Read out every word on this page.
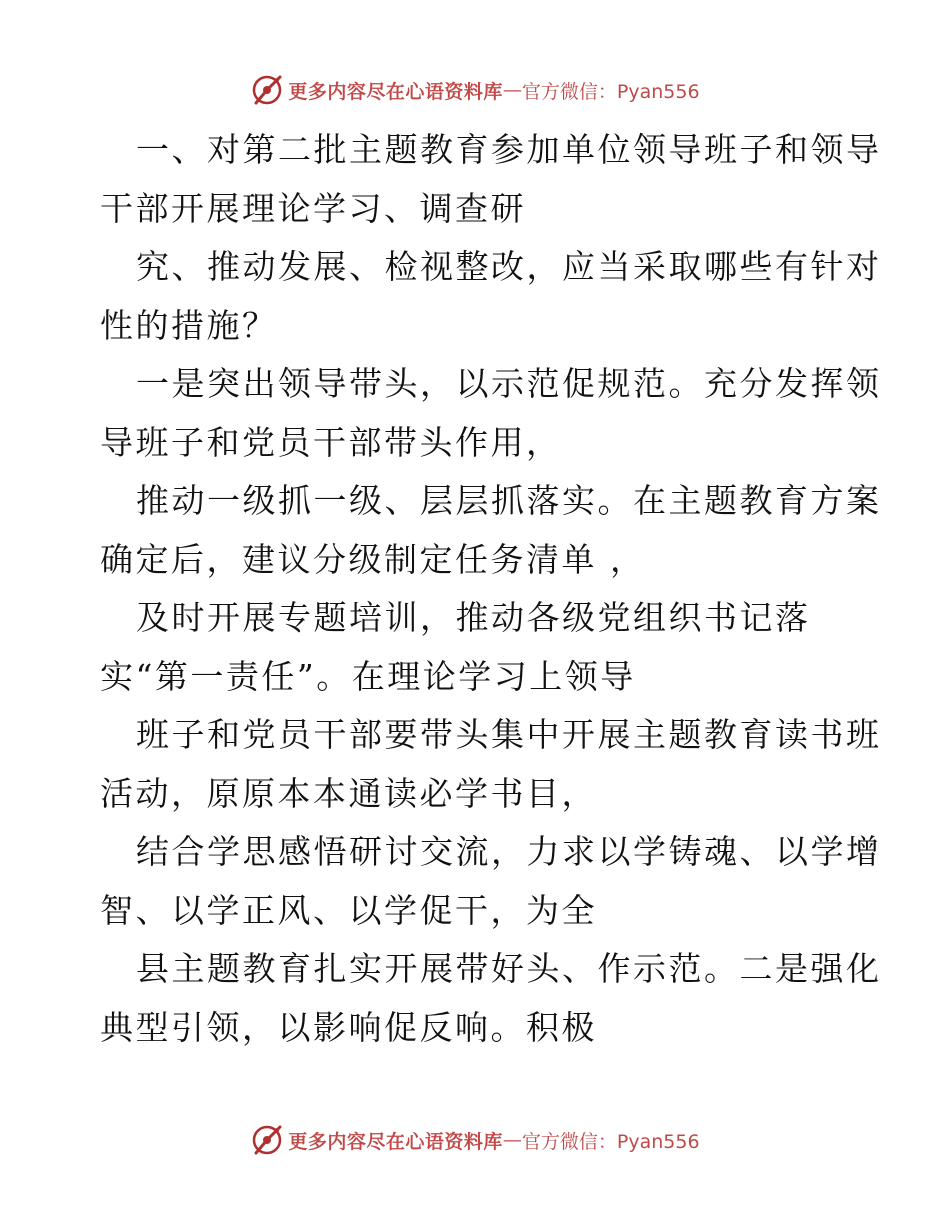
更多内容尽在心语资料库 — 官方微信：Pyan556
一、对第二批主题教育参加单位领导班子和领导
干部开展理论学习、调查研
究、推动发展、检视整改，应当采取哪些有针对
性的措施？
一是突出领导带头，以示范促规范。充分发挥领
导班子和党员干部带头作用，
推动一级抓一级、层层抓落实。在主题教育方案
确定后，建议分级制定任务清单 ，
及时开展专题培训，推动各级党组织书记落
实“第一责任”。在理论学习上领导
班子和党员干部要带头集中开展主题教育读书班
活动，原原本本通读必学书目，
结合学思感悟研讨交流，力求以学铸魂、以学增
智、以学正风、以学促干，为全
县主题教育扎实开展带好头、作示范。二是强化
典型引领，以影响促反响。积极
更多内容尽在心语资料库 — 官方微信：Pyan556
